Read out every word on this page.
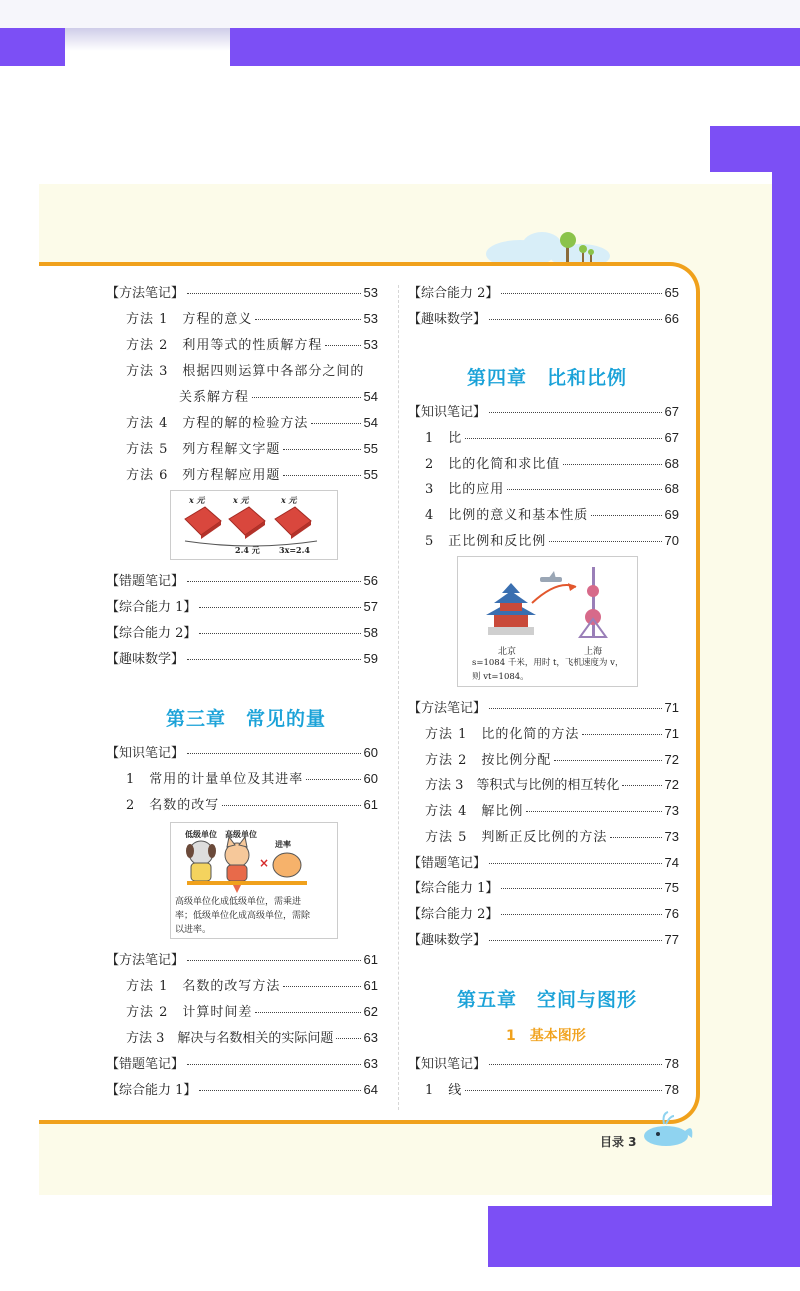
【方法笔记】	53
方法 1　方程的意义	53
方法 2　利用等式的性质解方程	53
方法 3　根据四则运算中各部分之间的
关系解方程	54
方法 4　方程的解的检验方法	54
方法 5　列方程解文字题	55
方法 6　列方程解应用题	55
x 元	x 元	x 元
2.4 元 3x=2.4
【错题笔记】	56
【综合能力 1】	57
【综合能力 2】	58
【趣味数学】	59
第三章　常见的量
【知识笔记】	60
1　常用的计量单位及其进率	60
2　名数的改写	61
×
低级单位 高级单位
进率
高级单位化成低级单位，需乘进
率；低级单位化成高级单位，需除
以进率。
【方法笔记】	61
方法 1　名数的改写方法	61
方法 2　计算时间差	62
方法 3　解决与名数相关的实际问题 63
【错题笔记】	63
【综合能力 1】	64
【综合能力 2】	65
【趣味数学】	66
第四章　比和比例
【知识笔记】	67
1　比	67
2　比的化简和求比值	68
3　比的应用	68
4　比例的意义和基本性质	69
5　正比例和反比例	70
北京	上海
s=1084 千米，用时 t，飞机速度为 v，
则 vt=1084。
【方法笔记】	71
方法 1　比的化简的方法	71
方法 2　按比例分配	72
方法 3　等积式与比例的相互转化	72
方法 4　解比例	73
方法 5　判断正反比例的方法	73
【错题笔记】	74
【综合能力 1】	75
【综合能力 2】	76
【趣味数学】	77
第五章　空间与图形
1　基本图形
【知识笔记】	78
1　线	78
目录 3
